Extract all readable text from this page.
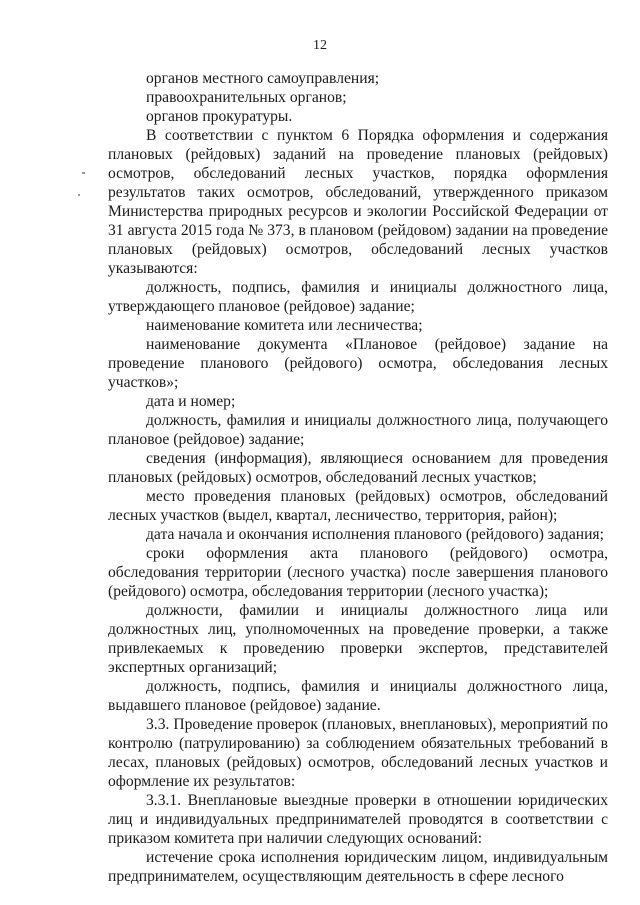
12

органов местного самоуправления;

правоохранительных органов;

органов прокуратуры.

В соответствии с пунктом 6 Порядка оформления и содержания плановых (рейдовых) заданий на проведение плановых (рейдовых) осмотров, обследований лесных участков, порядка оформления результатов таких осмотров, обследований, утвержденного приказом Министерства природных ресурсов и экологии Российской Федерации от 31 августа 2015 года № 373, в плановом (рейдовом) задании на проведение плановых (рейдовых) осмотров, обследований лесных участков указываются:

должность, подпись, фамилия и инициалы должностного лица, утверждающего плановое (рейдовое) задание;

наименование комитета или лесничества;

наименование документа «Плановое (рейдовое) задание на проведение планового (рейдового) осмотра, обследования лесных участков»;

дата и номер;

должность, фамилия и инициалы должностного лица, получающего плановое (рейдовое) задание;

сведения (информация), являющиеся основанием для проведения плановых (рейдовых) осмотров, обследований лесных участков;

место проведения плановых (рейдовых) осмотров, обследований лесных участков (выдел, квартал, лесничество, территория, район);

дата начала и окончания исполнения планового (рейдового) задания;

сроки оформления акта планового (рейдового) осмотра, обследования территории (лесного участка) после завершения планового (рейдового) осмотра, обследования территории (лесного участка);

должности, фамилии и инициалы должностного лица или должностных лиц, уполномоченных на проведение проверки, а также привлекаемых к проведению проверки экспертов, представителей экспертных организаций;

должность, подпись, фамилия и инициалы должностного лица, выдавшего плановое (рейдовое) задание.

3.3. Проведение проверок (плановых, внеплановых), мероприятий по контролю (патрулированию) за соблюдением обязательных требований в лесах, плановых (рейдовых) осмотров, обследований лесных участков и оформление их результатов:

3.3.1. Внеплановые выездные проверки в отношении юридических лиц и индивидуальных предпринимателей проводятся в соответствии с приказом комитета при наличии следующих оснований:

истечение срока исполнения юридическим лицом, индивидуальным предпринимателем, осуществляющим деятельность в сфере лесного
